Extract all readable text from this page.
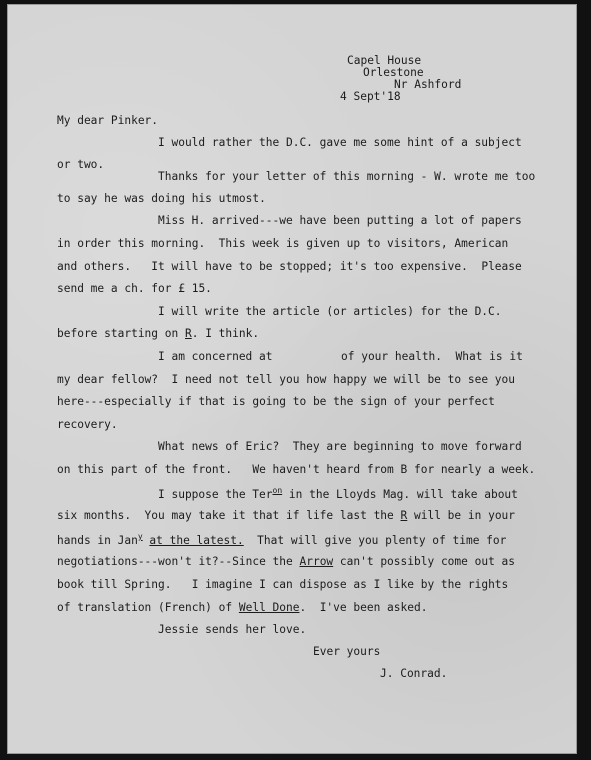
Capel House
Orlestone
Nr Ashford
4 Sept'18
My dear Pinker.
I would rather the D.C. gave me some hint of a subject
or two.
Thanks for your letter of this morning - W. wrote me too
to say he was doing his utmost.
Miss H. arrived---we have been putting a lot of papers
in order this morning.  This week is given up to visitors, American
and others.   It will have to be stopped; it's too expensive.  Please
send me a ch. for £ 15.
I will write the article (or articles) for the D.C.
before starting on R. I think.
I am concerned at	of your health.  What is it
my dear fellow?  I need not tell you how happy we will be to see you
here---especially if that is going to be the sign of your perfect
recovery.
What news of Eric?  They are beginning to move forward
on this part of the front.   We haven't heard from B for nearly a week.
I suppose the Ter$^{on}$ in the Lloyds Mag. will take about
six months.  You may take it that if life last the R will be in your
hands in Jan$^y$ at the latest.  That will give you plenty of time for
negotiations---won't it?--Since the Arrow can't possibly come out as
book till Spring.   I imagine I can dispose as I like by the rights
of translation (French) of Well Done.  I've been asked.
Jessie sends her love.
Ever yours
J. Conrad.
